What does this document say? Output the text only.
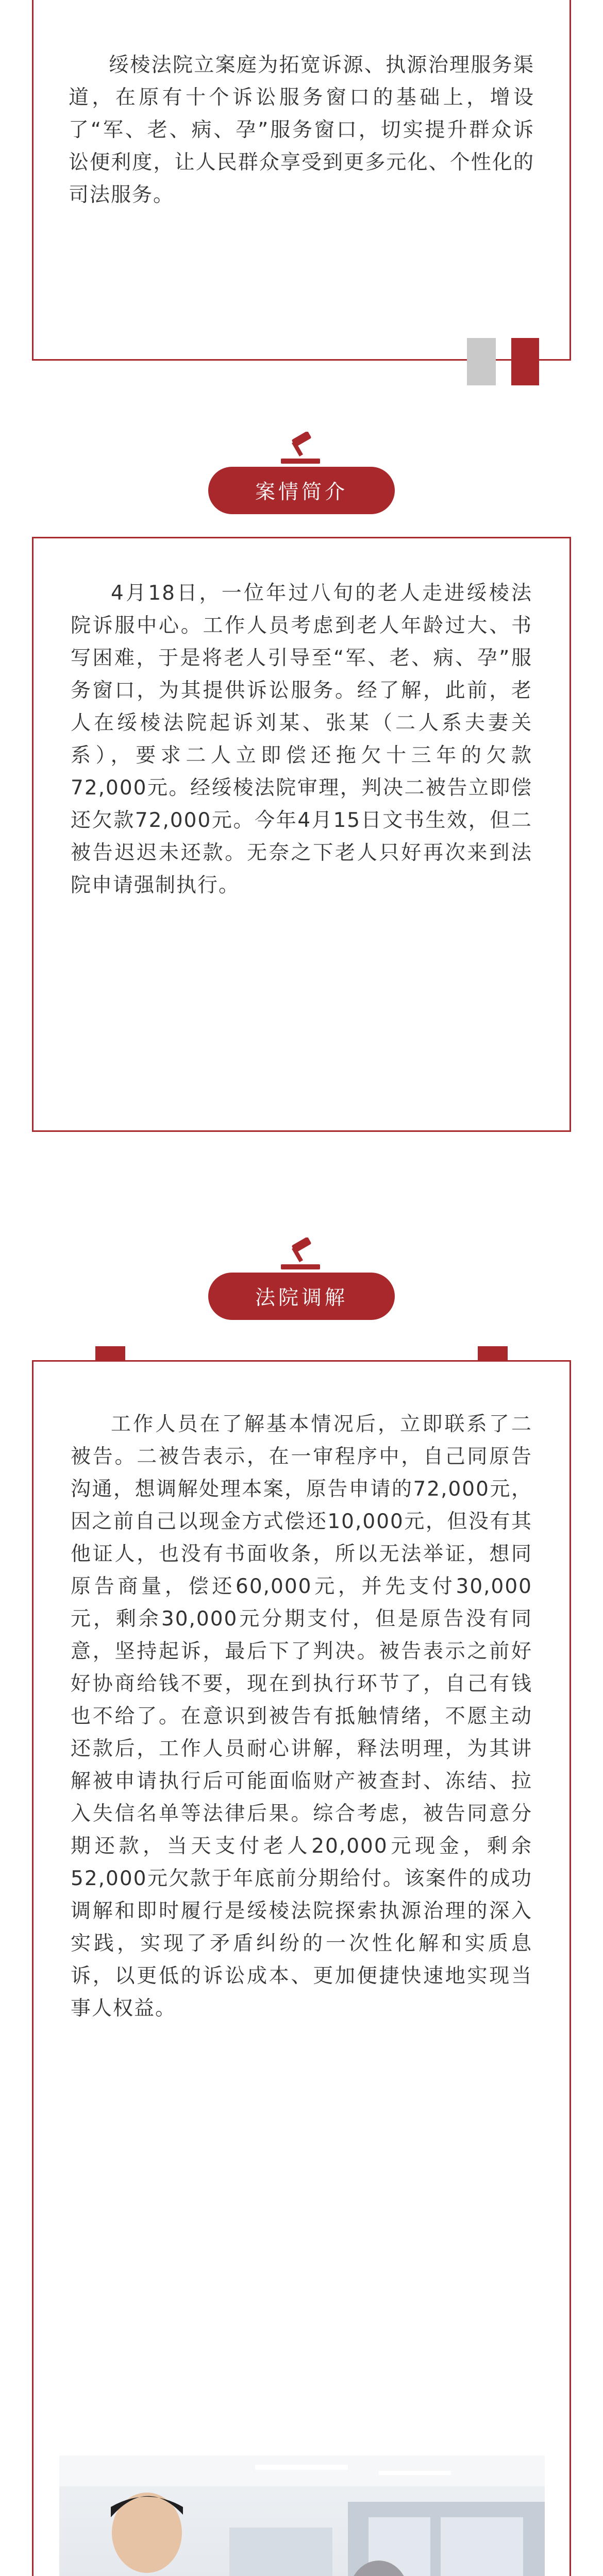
绥棱法院立案庭为拓宽诉源、执源治理服务渠道，在原有十个诉讼服务窗口的基础上，增设了“军、老、病、孕”服务窗口，切实提升群众诉讼便利度，让人民群众享受到更多元化、个性化的司法服务。

案情简介

4月18日，一位年过八旬的老人走进绥棱法院诉服中心。工作人员考虑到老人年龄过大、书写困难，于是将老人引导至“军、老、病、孕”服务窗口，为其提供诉讼服务。经了解，此前，老人在绥棱法院起诉刘某、张某（二人系夫妻关系），要求二人立即偿还拖欠十三年的欠款72,000元。经绥棱法院审理，判决二被告立即偿还欠款72,000元。今年4月15日文书生效，但二被告迟迟未还款。无奈之下老人只好再次来到法院申请强制执行。

法院调解

工作人员在了解基本情况后，立即联系了二被告。二被告表示，在一审程序中，自己同原告沟通，想调解处理本案，原告申请的72,000元，因之前自己以现金方式偿还10,000元，但没有其他证人，也没有书面收条，所以无法举证，想同原告商量，偿还60,000元，并先支付30,000元，剩余30,000元分期支付，但是原告没有同意，坚持起诉，最后下了判决。被告表示之前好好协商给钱不要，现在到执行环节了，自己有钱也不给了。在意识到被告有抵触情绪，不愿主动还款后，工作人员耐心讲解，释法明理，为其讲解被申请执行后可能面临财产被查封、冻结、拉入失信名单等法律后果。综合考虑，被告同意分期还款，当天支付老人20,000元现金，剩余52,000元欠款于年底前分期给付。该案件的成功调解和即时履行是绥棱法院探索执源治理的深入实践，实现了矛盾纠纷的一次性化解和实质息诉，以更低的诉讼成本、更加便捷快速地实现当事人权益。
